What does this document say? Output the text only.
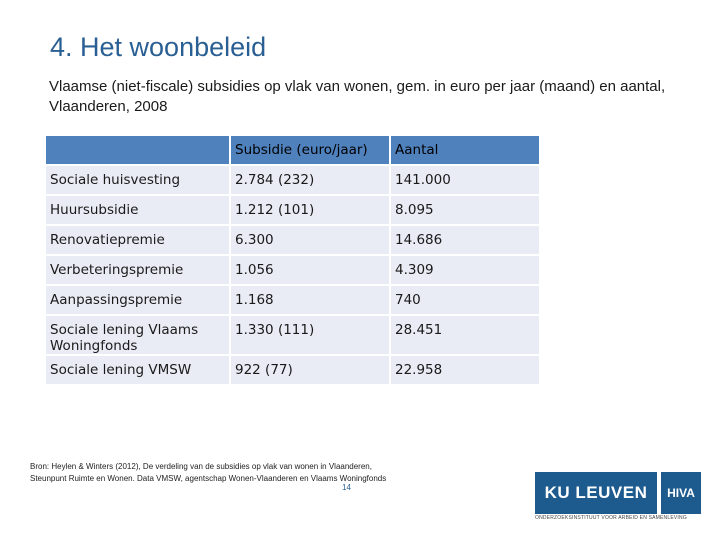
4. Het woonbeleid
Vlaamse (niet-fiscale) subsidies op vlak van wonen, gem. in euro per jaar (maand) en aantal, Vlaanderen, 2008
	Subsidie (euro/jaar)	Aantal
Sociale huisvesting	2.784 (232)	141.000
Huursubsidie	1.212 (101)	8.095
Renovatiepremie	6.300	14.686
Verbeteringspremie	1.056	4.309
Aanpassingspremie	1.168	740
Sociale lening Vlaams Woningfonds	1.330 (111)	28.451
Sociale lening VMSW	922 (77)	22.958
Bron: Heylen & Winters (2012), De verdeling van de subsidies op vlak van wonen in Vlaanderen,
Steunpunt Ruimte en Wonen. Data VMSW, agentschap Wonen-Vlaanderen en Vlaams Woningfonds
14	KU LEUVEN	HIVA
ONDERZOEKSINSTITUUT VOOR ARBEID EN SAMENLEVING
